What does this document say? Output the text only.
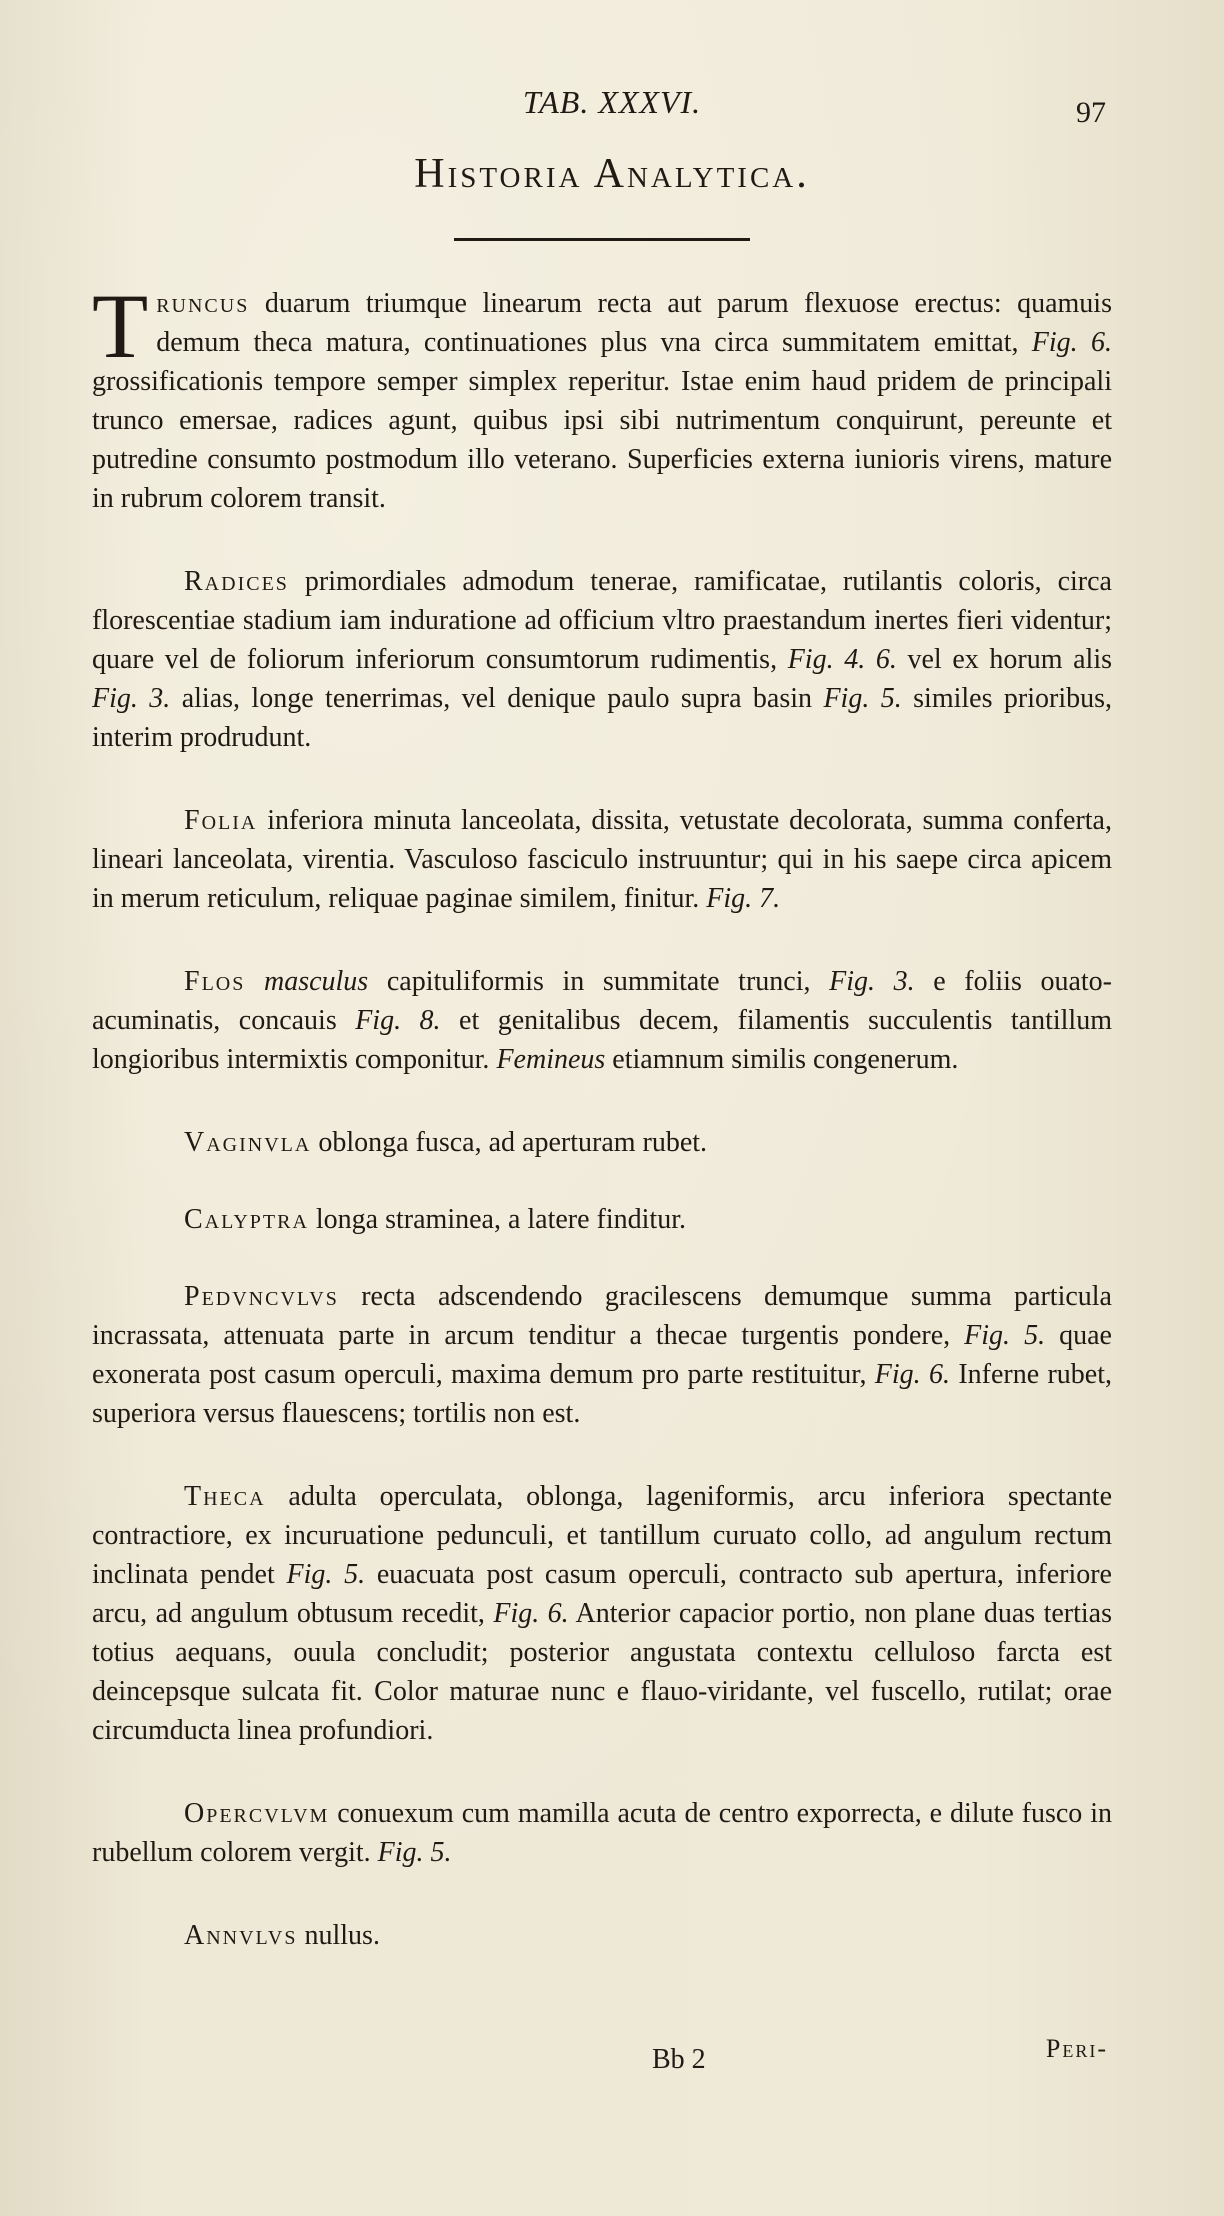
TAB. XXXVI.	97
Historia Analytica.

Truncus duarum triumque linearum recta aut parum flexuose erectus: quamuis demum theca matura, continuationes plus vna circa summitatem emittat, Fig. 6. grossificationis tempore semper simplex reperitur. Istae enim haud pridem de principali trunco emersae, radices agunt, quibus ipsi sibi nutrimentum conquirunt, pereunte et putredine consumto postmodum illo veterano. Superficies externa iunioris virens, mature in rubrum colorem transit.

Radices primordiales admodum tenerae, ramificatae, rutilantis coloris, circa florescentiae stadium iam induratione ad officium vltro praestandum inertes fieri videntur; quare vel de foliorum inferiorum consumtorum rudimentis, Fig. 4. 6. vel ex horum alis Fig. 3. alias, longe tenerrimas, vel denique paulo supra basin Fig. 5. similes prioribus, interim prodrudunt.

Folia inferiora minuta lanceolata, dissita, vetustate decolorata, summa conferta, lineari lanceolata, virentia. Vasculoso fasciculo instruuntur; qui in his saepe circa apicem in merum reticulum, reliquae paginae similem, finitur. Fig. 7.

Flos masculus capituliformis in summitate trunci, Fig. 3. e foliis ouato-acuminatis, concauis Fig. 8. et genitalibus decem, filamentis succulentis tantillum longioribus intermixtis componitur. Femineus etiamnum similis congenerum.

Vaginvla oblonga fusca, ad aperturam rubet.

Calyptra longa straminea, a latere finditur.

Pedvncvlvs recta adscendendo gracilescens demumque summa particula incrassata, attenuata parte in arcum tenditur a thecae turgentis pondere, Fig. 5. quae exonerata post casum operculi, maxima demum pro parte restituitur, Fig. 6. Inferne rubet, superiora versus flauescens; tortilis non est.

Theca adulta operculata, oblonga, lageniformis, arcu inferiora spectante contractiore, ex incuruatione pedunculi, et tantillum curuato collo, ad angulum rectum inclinata pendet Fig. 5. euacuata post casum operculi, contracto sub apertura, inferiore arcu, ad angulum obtusum recedit, Fig. 6. Anterior capacior portio, non plane duas tertias totius aequans, ouula concludit; posterior angustata contextu celluloso farcta est deincepsque sulcata fit. Color maturae nunc e flauo-viridante, vel fuscello, rutilat; orae circumducta linea profundiori.

Opercvlvm conuexum cum mamilla acuta de centro exporrecta, e dilute fusco in rubellum colorem vergit. Fig. 5.

Annvlvs nullus.

Bb 2	Peri-
